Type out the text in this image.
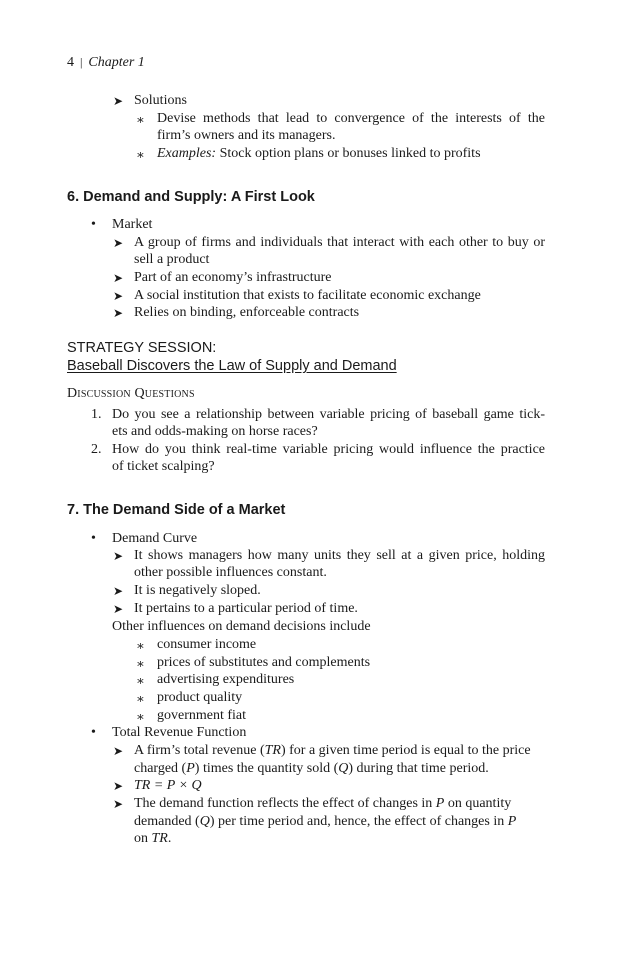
4 | Chapter 1
➤ Solutions
∗ Devise methods that lead to convergence of the interests of the
firm’s owners and its managers.
∗ Examples: Stock option plans or bonuses linked to profits
6. Demand and Supply: A First Look
• Market
➤ A group of firms and individuals that interact with each other to buy or
sell a product
➤ Part of an economy’s infrastructure
➤ A social institution that exists to facilitate economic exchange
➤ Relies on binding, enforceable contracts
STRATEGY SESSION:
Baseball Discovers the Law of Supply and Demand
Discussion Questions
1. Do you see a relationship between variable pricing of baseball game tick-
ets and odds-making on horse races?
2. How do you think real-time variable pricing would influence the practice
of ticket scalping?
7. The Demand Side of a Market
• Demand Curve
➤ It shows managers how many units they sell at a given price, holding
other possible influences constant.
➤ It is negatively sloped.
➤ It pertains to a particular period of time.
Other influences on demand decisions include
∗ consumer income
∗ prices of substitutes and complements
∗ advertising expenditures
∗ product quality
∗ government fiat
• Total Revenue Function
➤ A firm’s total revenue (TR) for a given time period is equal to the price
charged (P) times the quantity sold (Q) during that time period.
➤ TR = P × Q
➤ The demand function reflects the effect of changes in P on quantity
demanded (Q) per time period and, hence, the effect of changes in P
on TR.
